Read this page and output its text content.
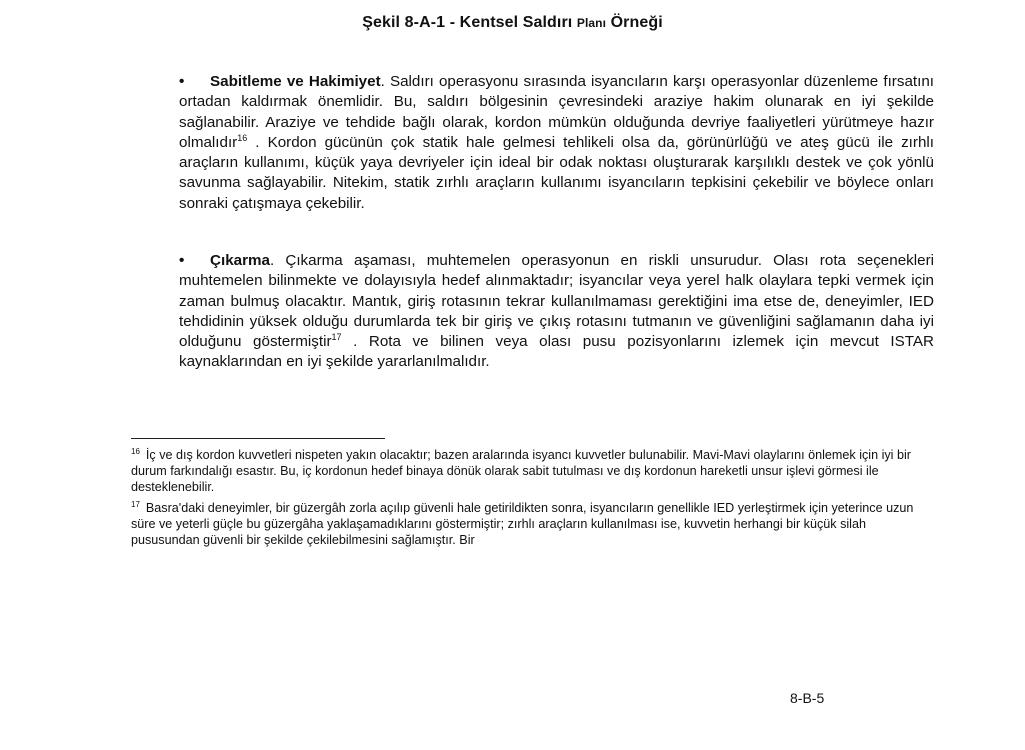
Şekil 8-A-1 - Kentsel Saldırı Planı Örneği

• Sabitleme ve Hakimiyet. Saldırı operasyonu sırasında isyancıların karşı operasyonlar düzenleme fırsatını ortadan kaldırmak önemlidir. Bu, saldırı bölgesinin çevresindeki araziye hakim olunarak en iyi şekilde sağlanabilir. Araziye ve tehdide bağlı olarak, kordon mümkün olduğunda devriye faaliyetleri yürütmeye hazır olmalıdır$^{16}$ . Kordon gücünün çok statik hale gelmesi tehlikeli olsa da, görünürlüğü ve ateş gücü ile zırhlı araçların kullanımı, küçük yaya devriyeler için ideal bir odak noktası oluşturarak karşılıklı destek ve çok yönlü savunma sağlayabilir. Nitekim, statik zırhlı araçların kullanımı isyancıların tepkisini çekebilir ve böylece onları sonraki çatışmaya çekebilir.

• Çıkarma. Çıkarma aşaması, muhtemelen operasyonun en riskli unsurudur. Olası rota seçenekleri muhtemelen bilinmekte ve dolayısıyla hedef alınmaktadır; isyancılar veya yerel halk olaylara tepki vermek için zaman bulmuş olacaktır. Mantık, giriş rotasının tekrar kullanılmaması gerektiğini ima etse de, deneyimler, IED tehdidinin yüksek olduğu durumlarda tek bir giriş ve çıkış rotasını tutmanın ve güvenliğini sağlamanın daha iyi olduğunu göstermiştir$^{17}$ . Rota ve bilinen veya olası pusu pozisyonlarını izlemek için mevcut ISTAR kaynaklarından en iyi şekilde yararlanılmalıdır.

$^{16}$ İç ve dış kordon kuvvetleri nispeten yakın olacaktır; bazen aralarında isyancı kuvvetler bulunabilir. Mavi-Mavi olaylarını önlemek için iyi bir durum farkındalığı esastır. Bu, iç kordonun hedef binaya dönük olarak sabit tutulması ve dış kordonun hareketli unsur işlevi görmesi ile desteklenebilir.

$^{17}$ Basra'daki deneyimler, bir güzergâh zorla açılıp güvenli hale getirildikten sonra, isyancıların genellikle IED yerleştirmek için yeterince uzun süre ve yeterli güçle bu güzergâha yaklaşamadıklarını göstermiştir; zırhlı araçların kullanılması ise, kuvvetin herhangi bir küçük silah pususundan güvenli bir şekilde çekilebilmesini sağlamıştır. Bir

8-B-5
